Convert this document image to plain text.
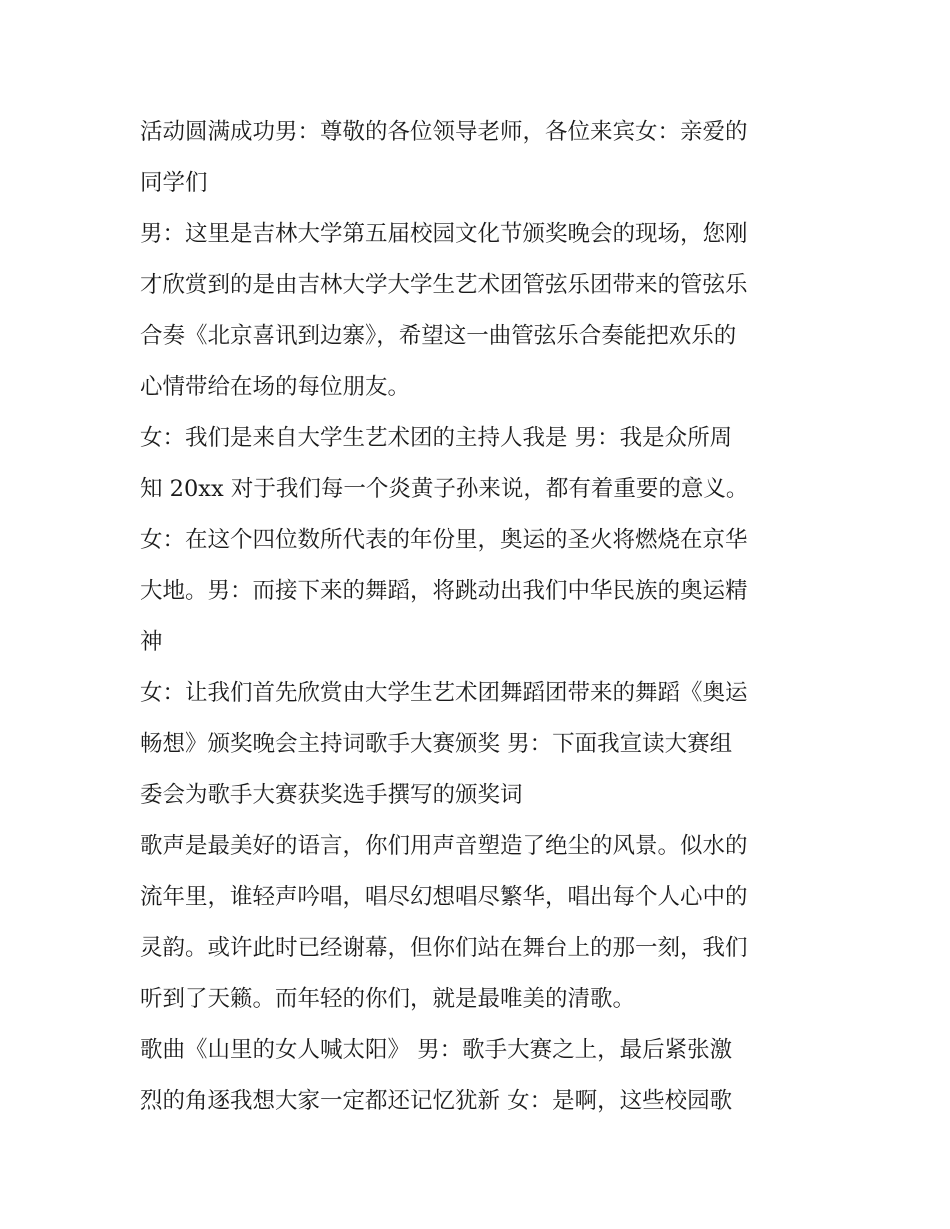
活动圆满成功男：尊敬的各位领导老师，各位来宾女：亲爱的
同学们
男：这里是吉林大学第五届校园文化节颁奖晚会的现场，您刚
才欣赏到的是由吉林大学大学生艺术团管弦乐团带来的管弦乐
合奏《北京喜讯到边寨》，希望这一曲管弦乐合奏能把欢乐的
心情带给在场的每位朋友。
女：我们是来自大学生艺术团的主持人我是 男：我是众所周
知 20xx 对于我们每一个炎黄子孙来说，都有着重要的意义。
女：在这个四位数所代表的年份里，奥运的圣火将燃烧在京华
大地。男：而接下来的舞蹈，将跳动出我们中华民族的奥运精
神
女：让我们首先欣赏由大学生艺术团舞蹈团带来的舞蹈《奥运
畅想》颁奖晚会主持词歌手大赛颁奖 男：下面我宣读大赛组
委会为歌手大赛获奖选手撰写的颁奖词
歌声是最美好的语言，你们用声音塑造了绝尘的风景。似水的
流年里，谁轻声吟唱，唱尽幻想唱尽繁华，唱出每个人心中的
灵韵。或许此时已经谢幕，但你们站在舞台上的那一刻，我们
听到了天籁。而年轻的你们，就是最唯美的清歌。
歌曲《山里的女人喊太阳》 男：歌手大赛之上，最后紧张激
烈的角逐我想大家一定都还记忆犹新 女：是啊，这些校园歌
